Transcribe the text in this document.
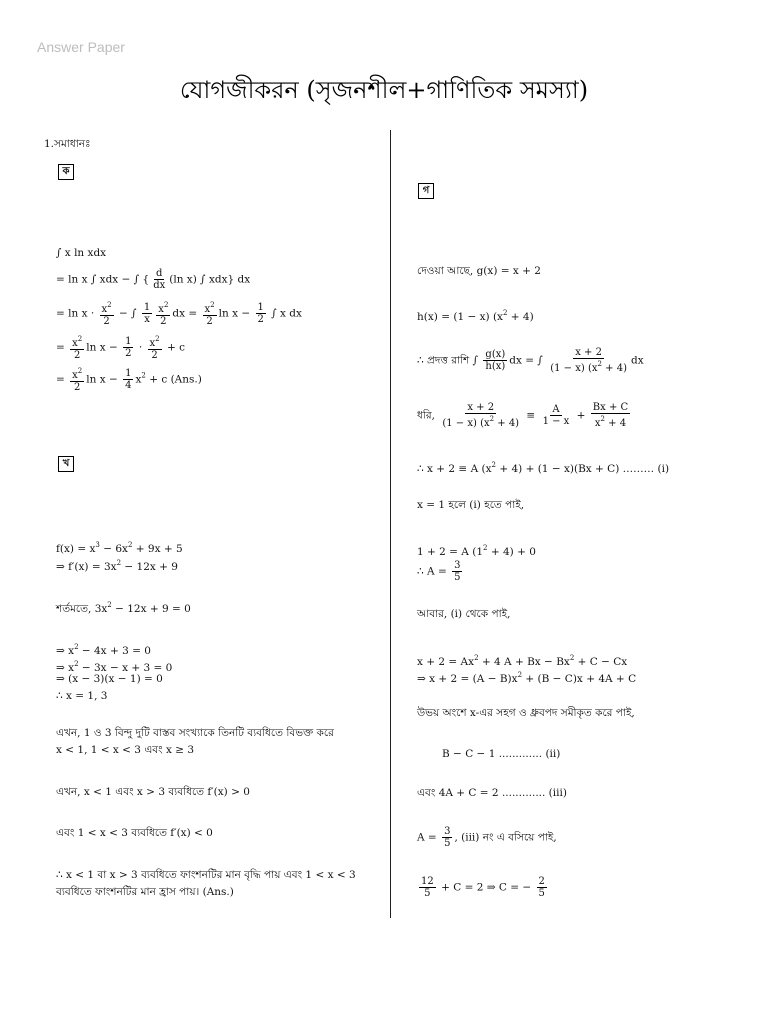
Answer Paper
যোগজীকরন (সৃজনশীল+গাণিতিক সমস্যা)
1.সমাধানঃ
ক
∫ x ln xdx
= ln x ∫ xdx − ∫ { $\frac{d}{dx} (\ln$ x) ∫ xdx} dx
= $\ln x \cdot \frac{x^2}{2}$ − ∫ $\frac{1}{x} \frac{x^2}{2}$ dx = $\frac{x^2}{2}$ $\ln x - \frac{1}{2}$ ∫ x dx
= $\frac{x^2}{2}$ $\ln x - \frac{1}{2} \cdot \frac{x^2}{2} + c$
= $\frac{x^2}{2}$ $\ln x - \frac{1}{4} x^2 + c$ (Ans.)
খ
$f(x) = x^3 - 6x^2 + 9x + 5$
⇒ $f'(x) = 3x^2 - 12x + 9$
শর্তমতে, $3x^2 - 12x + 9 = 0$
⇒ $x^2 - 4x + 3 = 0$
⇒ $x^2 - 3x - x + 3 = 0$
⇒ (x − 3)(x − 1) = 0
∴ x = 1, 3
এখন, 1 ও 3 বিন্দু দুটি বাস্তব সংখ্যাকে তিনটি ব্যবধিতে বিভক্ত করে
x < 1, 1 < x < 3 এবং x ≥ 3
এখন, x < 1 এবং x > 3 ব্যবধিতে f′(x) > 0
এবং 1 < x < 3 ব্যবধিতে f′(x) < 0
∴ x < 1 বা x > 3 ব্যবধিতে ফাংশনটির মান বৃদ্ধি পায় এবং 1 < x < 3
ব্যবধিতে ফাংশনটির মান হ্রাস পায়। (Ans.)
গ
দেওয়া আছে, g(x) = x + 2
h(x) = (1 − x) $(x^2 + 4)$
∴ প্রদত্ত রাশি ∫ $\frac{g(x)}{h(x)}$ dx = ∫ $\frac{x + 2}{(1 - x) (x^2 + 4)}$ dx
ধরি, $\frac{x + 2}{(1 - x) (x^2 + 4)} \equiv \frac{A}{1 - x} + \frac{Bx + C}{x^2 + 4}$
∴ x + 2 ≡ A $(x^2 + 4) + (1 - x)(Bx + C)$ ……… (i)
x = 1 হলে (i) হতে পাই,
1 + 2 = A $(1^2 + 4) + 0$
∴ $A = \frac{3}{5}$
আবার, (i) থেকে পাই,
$x + 2 = Ax^2 + 4$ $A + Bx - Bx^2 + C - Cx$
⇒ $x + 2 = (A - B)x^2 + (B - C)x + 4A + C$
উভয় অংশে x-এর সহগ ও ধ্রুবপদ সমীকৃত করে পাই,
B − C − 1 ............. (ii)
এবং 4A + C = 2 ............. (iii)
$A = \frac{3}{5}$ , (iii) নং এ বসিয়ে পাই,
$\frac{12}{5} + C = 2$ ⇒ C = − $\frac{2}{5}$
